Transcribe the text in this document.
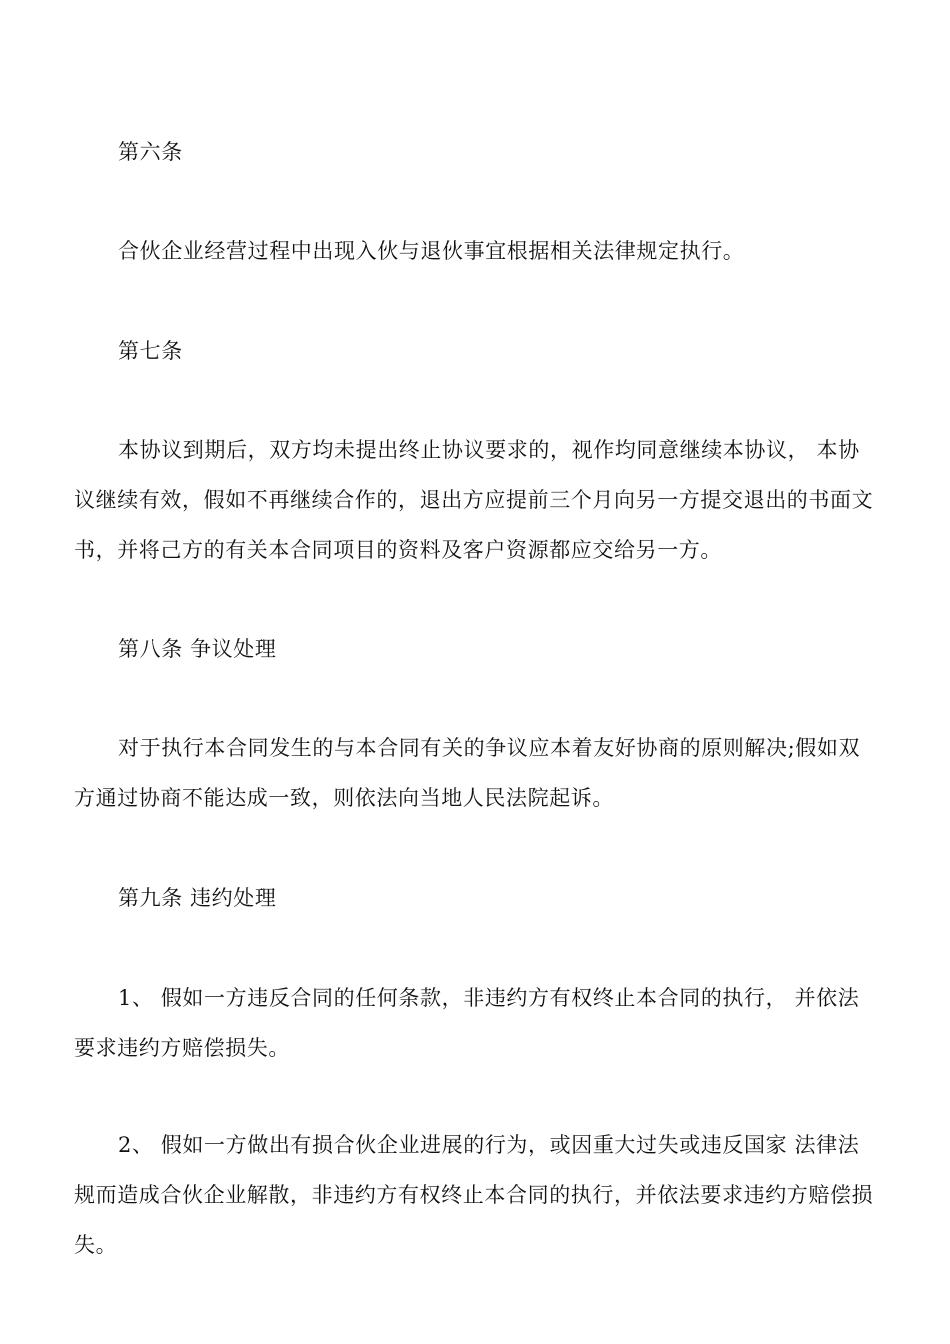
第六条
合伙企业经营过程中出现入伙与退伙事宜根据相关法律规定执行。
第七条
本协议到期后，双方均未提出终止协议要求的，视作均同意继续本协议， 本协议继续有效，假如不再继续合作的，退出方应提前三个月向另一方提交退出的书面文书，并将己方的有关本合同项目的资料及客户资源都应交给另一方。
第八条 争议处理
对于执行本合同发生的与本合同有关的争议应本着友好协商的原则解决;假如双方通过协商不能达成一致，则依法向当地人民法院起诉。
第九条 违约处理
1、 假如一方违反合同的任何条款，非违约方有权终止本合同的执行， 并依法要求违约方赔偿损失。
2、 假如一方做出有损合伙企业进展的行为，或因重大过失或违反国家 法律法规而造成合伙企业解散，非违约方有权终止本合同的执行，并依法要求违约方赔偿损失。
